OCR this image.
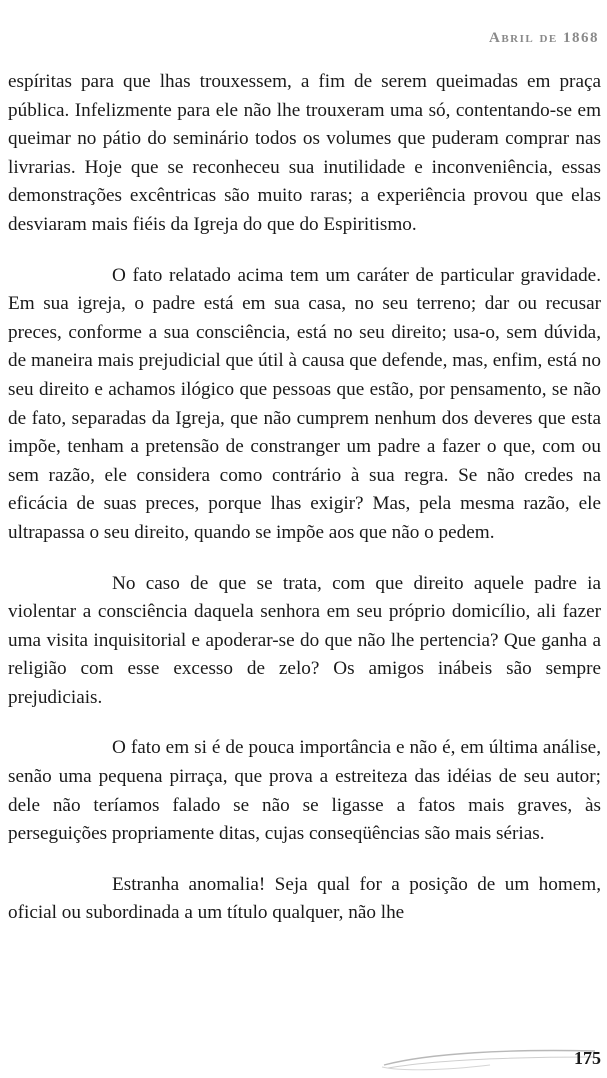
Abril de 1868

espíritas para que lhas trouxessem, a fim de serem queimadas em praça pública. Infelizmente para ele não lhe trouxeram uma só, contentando-se em queimar no pátio do seminário todos os volumes que puderam comprar nas livrarias. Hoje que se reconheceu sua inutilidade e inconveniência, essas demonstrações excêntricas são muito raras; a experiência provou que elas desviaram mais fiéis da Igreja do que do Espiritismo.

O fato relatado acima tem um caráter de particular gravidade. Em sua igreja, o padre está em sua casa, no seu terreno; dar ou recusar preces, conforme a sua consciência, está no seu direito; usa-o, sem dúvida, de maneira mais prejudicial que útil à causa que defende, mas, enfim, está no seu direito e achamos ilógico que pessoas que estão, por pensamento, se não de fato, separadas da Igreja, que não cumprem nenhum dos deveres que esta impõe, tenham a pretensão de constranger um padre a fazer o que, com ou sem razão, ele considera como contrário à sua regra. Se não credes na eficácia de suas preces, porque lhas exigir? Mas, pela mesma razão, ele ultrapassa o seu direito, quando se impõe aos que não o pedem.

No caso de que se trata, com que direito aquele padre ia violentar a consciência daquela senhora em seu próprio domicílio, ali fazer uma visita inquisitorial e apoderar-se do que não lhe pertencia? Que ganha a religião com esse excesso de zelo? Os amigos inábeis são sempre prejudiciais.

O fato em si é de pouca importância e não é, em última análise, senão uma pequena pirraça, que prova a estreiteza das idéias de seu autor; dele não teríamos falado se não se ligasse a fatos mais graves, às perseguições propriamente ditas, cujas conseqüências são mais sérias.

Estranha anomalia! Seja qual for a posição de um homem, oficial ou subordinada a um título qualquer, não lhe

175
